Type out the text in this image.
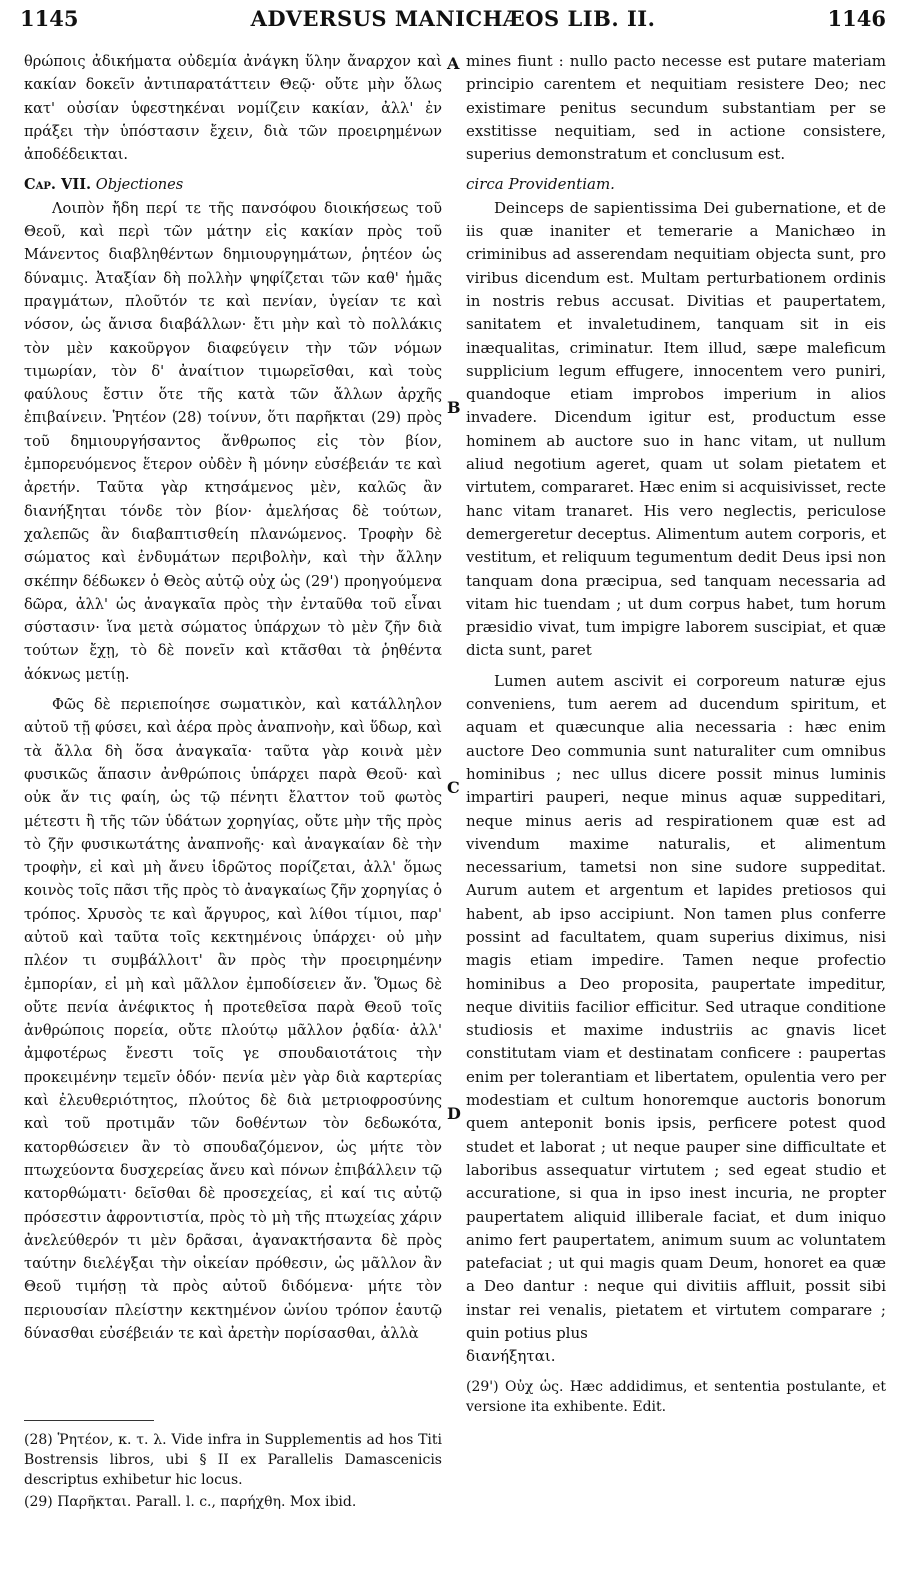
1145	ADVERSUS MANICHÆOS LIB. II.	1146
A
B
C
D

θρώποις ἀδικήματα οὐδεμία ἀνάγκη ὕλην ἄναρχον καὶ κακίαν δοκεῖν ἀντιπαρατάττειν Θεῷ· οὔτε μὴν ὅλως κατ' οὐσίαν ὑφεστηκέναι νομίζειν κακίαν, ἀλλ' ἐν πράξει τὴν ὑπόστασιν ἔχειν, διὰ τῶν προειρημένων ἀποδέδεικται.

Cap. VII. Objectiones

Λοιπὸν ἤδη περί τε τῆς πανσόφου διοικήσεως τοῦ Θεοῦ, καὶ περὶ τῶν μάτην εἰς κακίαν πρὸς τοῦ Μάνεντος διαβληθέντων δημιουργημάτων, ῥητέον ὡς δύναμις. Ἀταξίαν δὴ πολλὴν ψηφίζεται τῶν καθ' ἡμᾶς πραγμάτων, πλοῦτόν τε καὶ πενίαν, ὑγείαν τε καὶ νόσον, ὡς ἄνισα διαβάλλων· ἔτι μὴν καὶ τὸ πολλάκις τὸν μὲν κακοῦργον διαφεύγειν τὴν τῶν νόμων τιμωρίαν, τὸν δ' ἀναίτιον τιμωρεῖσθαι, καὶ τοὺς φαύλους ἔστιν ὅτε τῆς κατὰ τῶν ἄλλων ἀρχῆς ἐπιβαίνειν. Ῥητέον (28) τοίνυν, ὅτι παρῆκται (29) πρὸς τοῦ δημιουργήσαντος ἄνθρωπος εἰς τὸν βίον, ἐμπορευόμενος ἕτερον οὐδὲν ἢ μόνην εὐσέβειάν τε καὶ ἀρετήν. Ταῦτα γὰρ κτησάμενος μὲν, καλῶς ἂν διανήξηται τόνδε τὸν βίον· ἀμελήσας δὲ τούτων, χαλεπῶς ἂν διαβαπτισθείη πλανώμενος. Τροφὴν δὲ σώματος καὶ ἐνδυμάτων περιβολὴν, καὶ τὴν ἄλλην σκέπην δέδωκεν ὁ Θεὸς αὐτῷ οὐχ ὡς (29') προηγούμενα δῶρα, ἀλλ' ὡς ἀναγκαῖα πρὸς τὴν ἐνταῦθα τοῦ εἶναι σύστασιν· ἵνα μετὰ σώματος ὑπάρχων τὸ μὲν ζῆν διὰ τούτων ἔχῃ, τὸ δὲ πονεῖν καὶ κτᾶσθαι τὰ ῥηθέντα ἀόκνως μετίῃ.

Φῶς δὲ περιεποίησε σωματικὸν, καὶ κατάλληλον αὐτοῦ τῇ φύσει, καὶ ἀέρα πρὸς ἀναπνοὴν, καὶ ὕδωρ, καὶ τὰ ἄλλα δὴ ὅσα ἀναγκαῖα· ταῦτα γὰρ κοινὰ μὲν φυσικῶς ἅπασιν ἀνθρώποις ὑπάρχει παρὰ Θεοῦ· καὶ οὐκ ἄν τις φαίη, ὡς τῷ πένητι ἔλαττον τοῦ φωτὸς μέτεστι ἢ τῆς τῶν ὑδάτων χορηγίας, οὔτε μὴν τῆς πρὸς τὸ ζῆν φυσικωτάτης ἀναπνοῆς· καὶ ἀναγκαίαν δὲ τὴν τροφὴν, εἰ καὶ μὴ ἄνευ ἱδρῶτος πορίζεται, ἀλλ' ὅμως κοινὸς τοῖς πᾶσι τῆς πρὸς τὸ ἀναγκαίως ζῆν χορηγίας ὁ τρόπος. Χρυσὸς τε καὶ ἄργυρος, καὶ λίθοι τίμιοι, παρ' αὐτοῦ καὶ ταῦτα τοῖς κεκτημένοις ὑπάρχει· οὐ μὴν πλέον τι συμβάλλοιτ' ἂν πρὸς τὴν προειρημένην ἐμπορίαν, εἰ μὴ καὶ μᾶλλον ἐμποδίσειεν ἄν. Ὅμως δὲ οὔτε πενία ἀνέφικτος ἡ προτεθεῖσα παρὰ Θεοῦ τοῖς ἀνθρώποις πορεία, οὔτε πλούτῳ μᾶλλον ῥᾳδία· ἀλλ' ἀμφοτέρως ἔνεστι τοῖς γε σπουδαιοτάτοις τὴν προκειμένην τεμεῖν ὁδόν· πενία μὲν γὰρ διὰ καρτερίας καὶ ἐλευθεριότητος, πλούτος δὲ διὰ μετριοφροσύνης καὶ τοῦ προτιμᾶν τῶν δοθέντων τὸν δεδωκότα, κατορθώσειεν ἂν τὸ σπουδαζόμενον, ὡς μήτε τὸν πτωχεύοντα δυσχερείας ἄνευ καὶ πόνων ἐπιβάλλειν τῷ κατορθώματι· δεῖσθαι δὲ προσεχείας, εἰ καί τις αὐτῷ πρόσεστιν ἀφροντιστία, πρὸς τὸ μὴ τῆς πτωχείας χάριν ἀνελεύθερόν τι μὲν δρᾶσαι, ἀγανακτήσαντα δὲ πρὸς ταύτην διελέγξαι τὴν οἰκείαν πρόθεσιν, ὡς μᾶλλον ἂν Θεοῦ τιμήσῃ τὰ πρὸς αὐτοῦ διδόμενα· μήτε τὸν περιουσίαν πλείστην κεκτημένον ὠνίου τρόπον ἑαυτῷ δύνασθαι εὐσέβειάν τε καὶ ἀρετὴν πορίσασθαι, ἀλλὰ

(28) Ῥητέον, κ. τ. λ. Vide infra in Supplementis ad hos Titi Bostrensis libros, ubi § II ex Parallelis Damascenicis descriptus exhibetur hic locus.

(29) Παρῆκται. Parall. l. c., παρήχθη. Mox ibid.

mines fiunt : nullo pacto necesse est putare materiam principio carentem et nequitiam resistere Deo; nec existimare penitus secundum substantiam per se exstitisse nequitiam, sed in actione consistere, superius demonstratum et conclusum est.

circa Providentiam.

Deinceps de sapientissima Dei gubernatione, et de iis quæ inaniter et temerarie a Manichæo in criminibus ad asserendam nequitiam objecta sunt, pro viribus dicendum est. Multam perturbationem ordinis in nostris rebus accusat. Divitias et paupertatem, sanitatem et invaletudinem, tanquam sit in eis inæqualitas, criminatur. Item illud, sæpe maleficum supplicium legum effugere, innocentem vero puniri, quandoque etiam improbos imperium in alios invadere. Dicendum igitur est, productum esse hominem ab auctore suo in hanc vitam, ut nullum aliud negotium ageret, quam ut solam pietatem et virtutem, compararet. Hæc enim si acquisivisset, recte hanc vitam tranaret. His vero neglectis, periculose demergeretur deceptus. Alimentum autem corporis, et vestitum, et reliquum tegumentum dedit Deus ipsi non tanquam dona præcipua, sed tanquam necessaria ad vitam hic tuendam ; ut dum corpus habet, tum horum præsidio vivat, tum impigre laborem suscipiat, et quæ dicta sunt, paret

Lumen autem ascivit ei corporeum naturæ ejus conveniens, tum aerem ad ducendum spiritum, et aquam et quæcunque alia necessaria : hæc enim auctore Deo communia sunt naturaliter cum omnibus hominibus ; nec ullus dicere possit minus luminis impartiri pauperi, neque minus aquæ suppeditari, neque minus aeris ad respirationem quæ est ad vivendum maxime naturalis, et alimentum necessarium, tametsi non sine sudore suppeditat. Aurum autem et argentum et lapides pretiosos qui habent, ab ipso accipiunt. Non tamen plus conferre possint ad facultatem, quam superius diximus, nisi magis etiam impedire. Tamen neque profectio hominibus a Deo proposita, paupertate impeditur, neque divitiis facilior efficitur. Sed utraque conditione studiosis et maxime industriis ac gnavis licet constitutam viam et destinatam conficere : paupertas enim per tolerantiam et libertatem, opulentia vero per modestiam et cultum honoremque auctoris bonorum quem anteponit bonis ipsis, perficere potest quod studet et laborat ; ut neque pauper sine difficultate et laboribus assequatur virtutem ; sed egeat studio et accuratione, si qua in ipso inest incuria, ne propter paupertatem aliquid illiberale faciat, et dum iniquo animo fert paupertatem, animum suum ac voluntatem patefaciat ; ut qui magis quam Deum, honoret ea quæ a Deo dantur : neque qui divitiis affluit, possit sibi instar rei venalis, pietatem et virtutem comparare ; quin potius plus

διανήξηται.

(29') Οὐχ ὡς. Hæc addidimus, et sententia postulante, et versione ita exhibente. Edit.
